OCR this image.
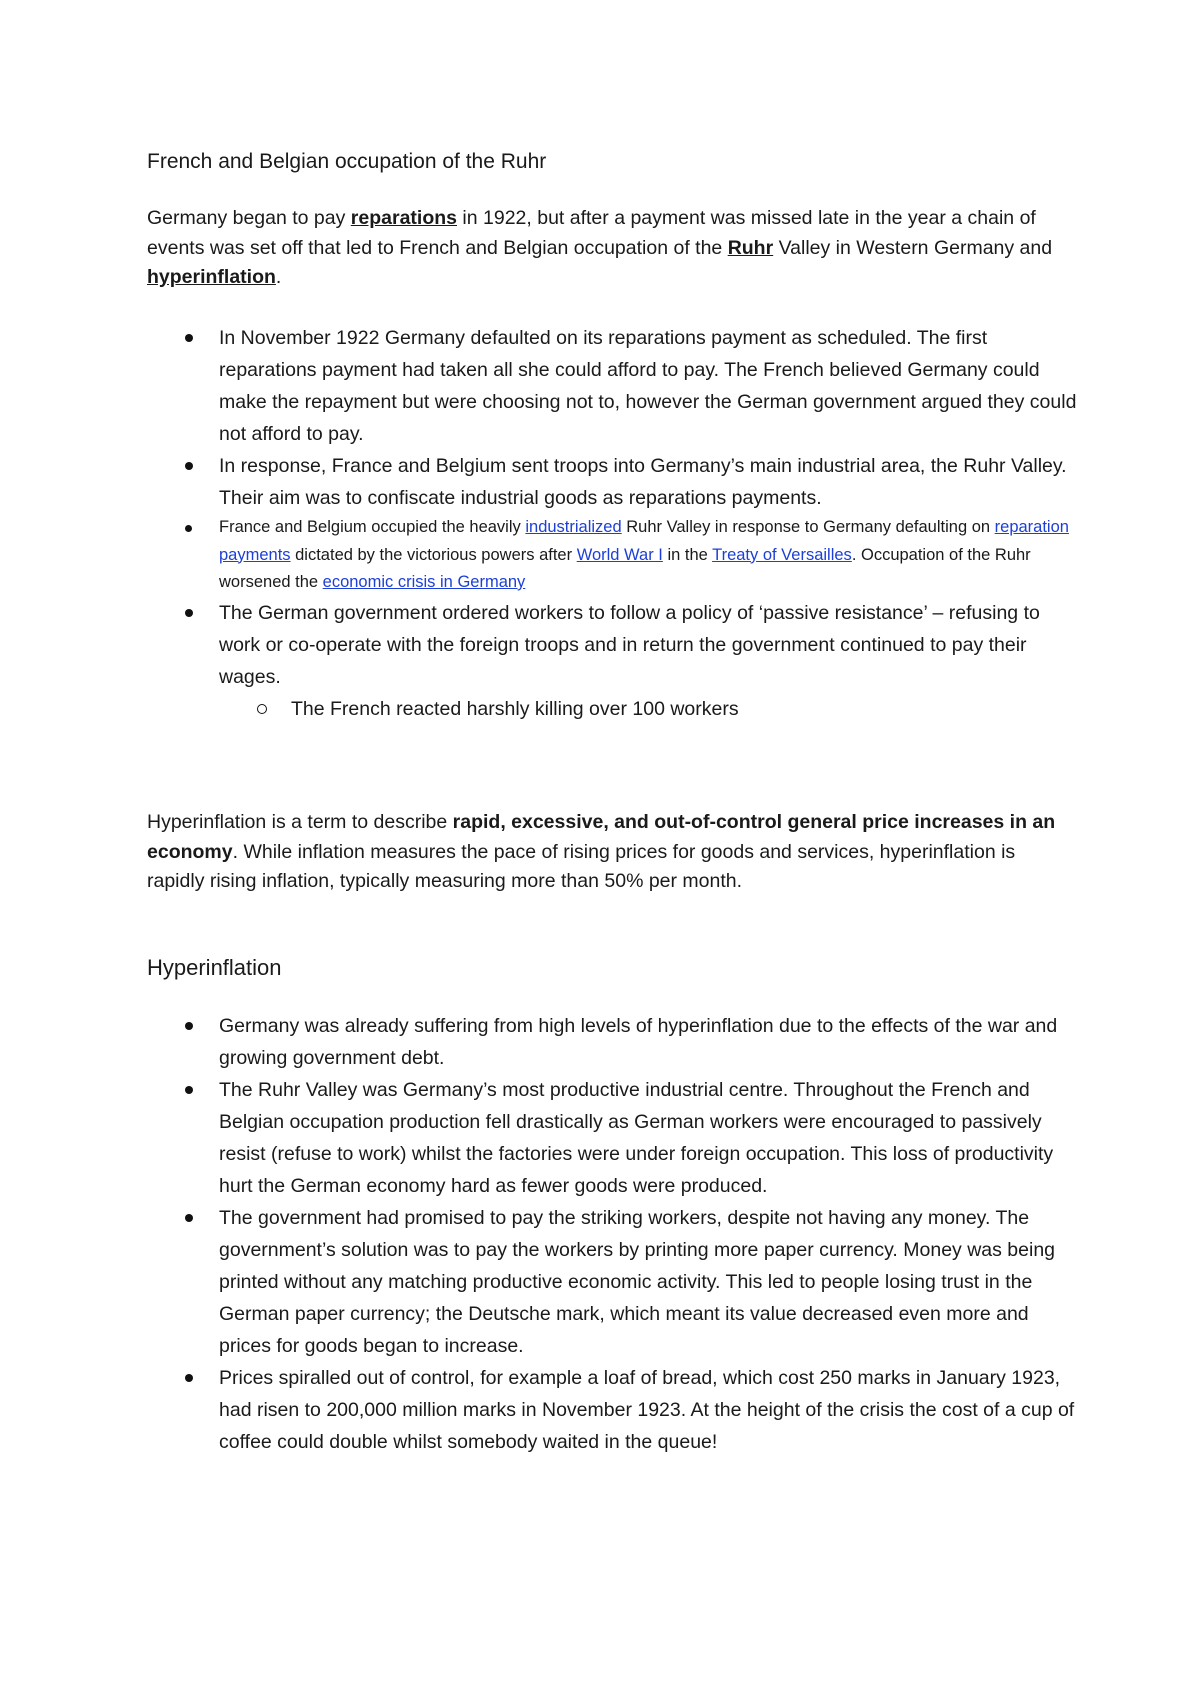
French and Belgian occupation of the Ruhr
Germany began to pay reparations in 1922, but after a payment was missed late in the year a chain of events was set off that led to French and Belgian occupation of the Ruhr Valley in Western Germany and hyperinflation.
In November 1922 Germany defaulted on its reparations payment as scheduled. The first reparations payment had taken all she could afford to pay. The French believed Germany could make the repayment but were choosing not to, however the German government argued they could not afford to pay.
In response, France and Belgium sent troops into Germany’s main industrial area, the Ruhr Valley. Their aim was to confiscate industrial goods as reparations payments.
France and Belgium occupied the heavily industrialized Ruhr Valley in response to Germany defaulting on reparation payments dictated by the victorious powers after World War I in the Treaty of Versailles. Occupation of the Ruhr worsened the economic crisis in Germany
The German government ordered workers to follow a policy of ‘passive resistance’ – refusing to work or co-operate with the foreign troops and in return the government continued to pay their wages.
The French reacted harshly killing over 100 workers
Hyperinflation is a term to describe rapid, excessive, and out-of-control general price increases in an economy. While inflation measures the pace of rising prices for goods and services, hyperinflation is rapidly rising inflation, typically measuring more than 50% per month.
Hyperinflation
Germany was already suffering from high levels of hyperinflation due to the effects of the war and growing government debt.
The Ruhr Valley was Germany’s most productive industrial centre. Throughout the French and Belgian occupation production fell drastically as German workers were encouraged to passively resist (refuse to work) whilst the factories were under foreign occupation. This loss of productivity hurt the German economy hard as fewer goods were produced.
The government had promised to pay the striking workers, despite not having any money. The government’s solution was to pay the workers by printing more paper currency. Money was being printed without any matching productive economic activity. This led to people losing trust in the German paper currency; the Deutsche mark, which meant its value decreased even more and prices for goods began to increase.
Prices spiralled out of control, for example a loaf of bread, which cost 250 marks in January 1923, had risen to 200,000 million marks in November 1923. At the height of the crisis the cost of a cup of coffee could double whilst somebody waited in the queue!
